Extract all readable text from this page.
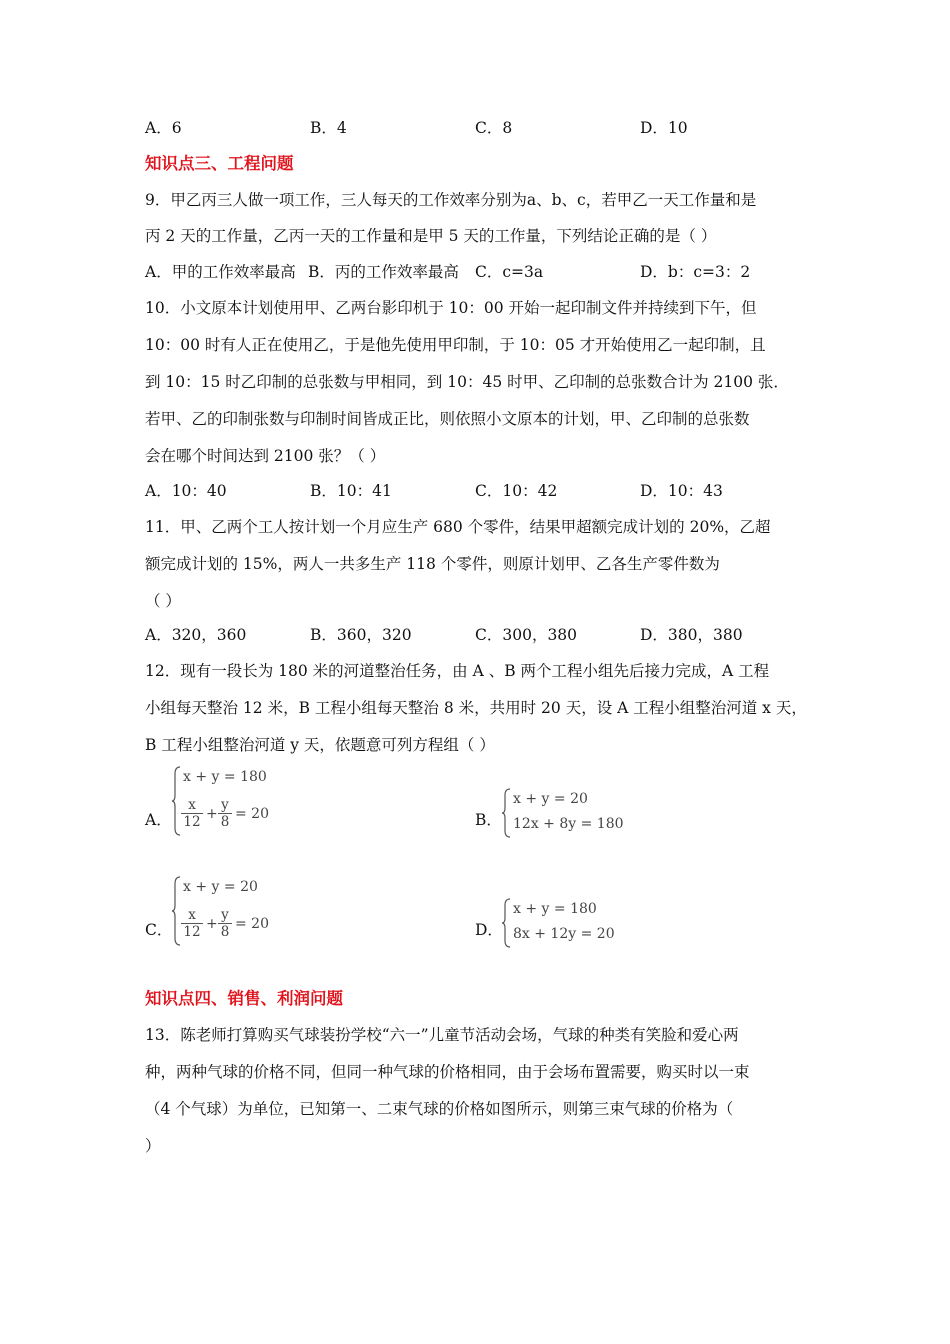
A．6	B．4	C．8	D．10
知识点三、工程问题
9．甲乙丙三人做一项工作，三人每天的工作效率分别为a、b、c，若甲乙一天工作量和是
丙 2 天的工作量，乙丙一天的工作量和是甲 5 天的工作量，下列结论正确的是（ ）
A．甲的工作效率最高 B．丙的工作效率最高 C．c=3a	D．b：c=3：2
10．小文原本计划使用甲、乙两台影印机于 10：00 开始一起印制文件并持续到下午，但
10：00 时有人正在使用乙，于是他先使用甲印制，于 10：05 才开始使用乙一起印制，且
到 10：15 时乙印制的总张数与甲相同，到 10：45 时甲、乙印制的总张数合计为 2100 张．
若甲、乙的印制张数与印制时间皆成正比，则依照小文原本的计划，甲、乙印制的总张数
会在哪个时间达到 2100 张？（ ）
A．10：40	B．10：41	C．10：42	D．10：43
11．甲、乙两个工人按计划一个月应生产 680 个零件，结果甲超额完成计划的 20%，乙超
额完成计划的 15%，两人一共多生产 118 个零件，则原计划甲、乙各生产零件数为
（ ）
A．320，360	B．360，320	C．300，380	D．380，380
12．现有一段长为 180 米的河道整治任务，由 A 、B 两个工程小组先后接力完成，A 工程
小组每天整治 12 米，B 工程小组每天整治 8 米，共用时 20 天，设 A 工程小组整治河道 x 天，
B 工程小组整治河道 y 天，依题意可列方程组（ ）
A．
x + y = 180
x
12 +
y
8 = 20	B．
x + y = 20
12x + 8y = 180
C．
x + y = 20
x
12 +
y
8 = 20	D．
x + y = 180
8x + 12y = 20
知识点四、销售、利润问题
13．陈老师打算购买气球装扮学校“六一”儿童节活动会场，气球的种类有笑脸和爱心两
种，两种气球的价格不同，但同一种气球的价格相同，由于会场布置需要，购买时以一束
（4 个气球）为单位，已知第一、二束气球的价格如图所示，则第三束气球的价格为（
）
